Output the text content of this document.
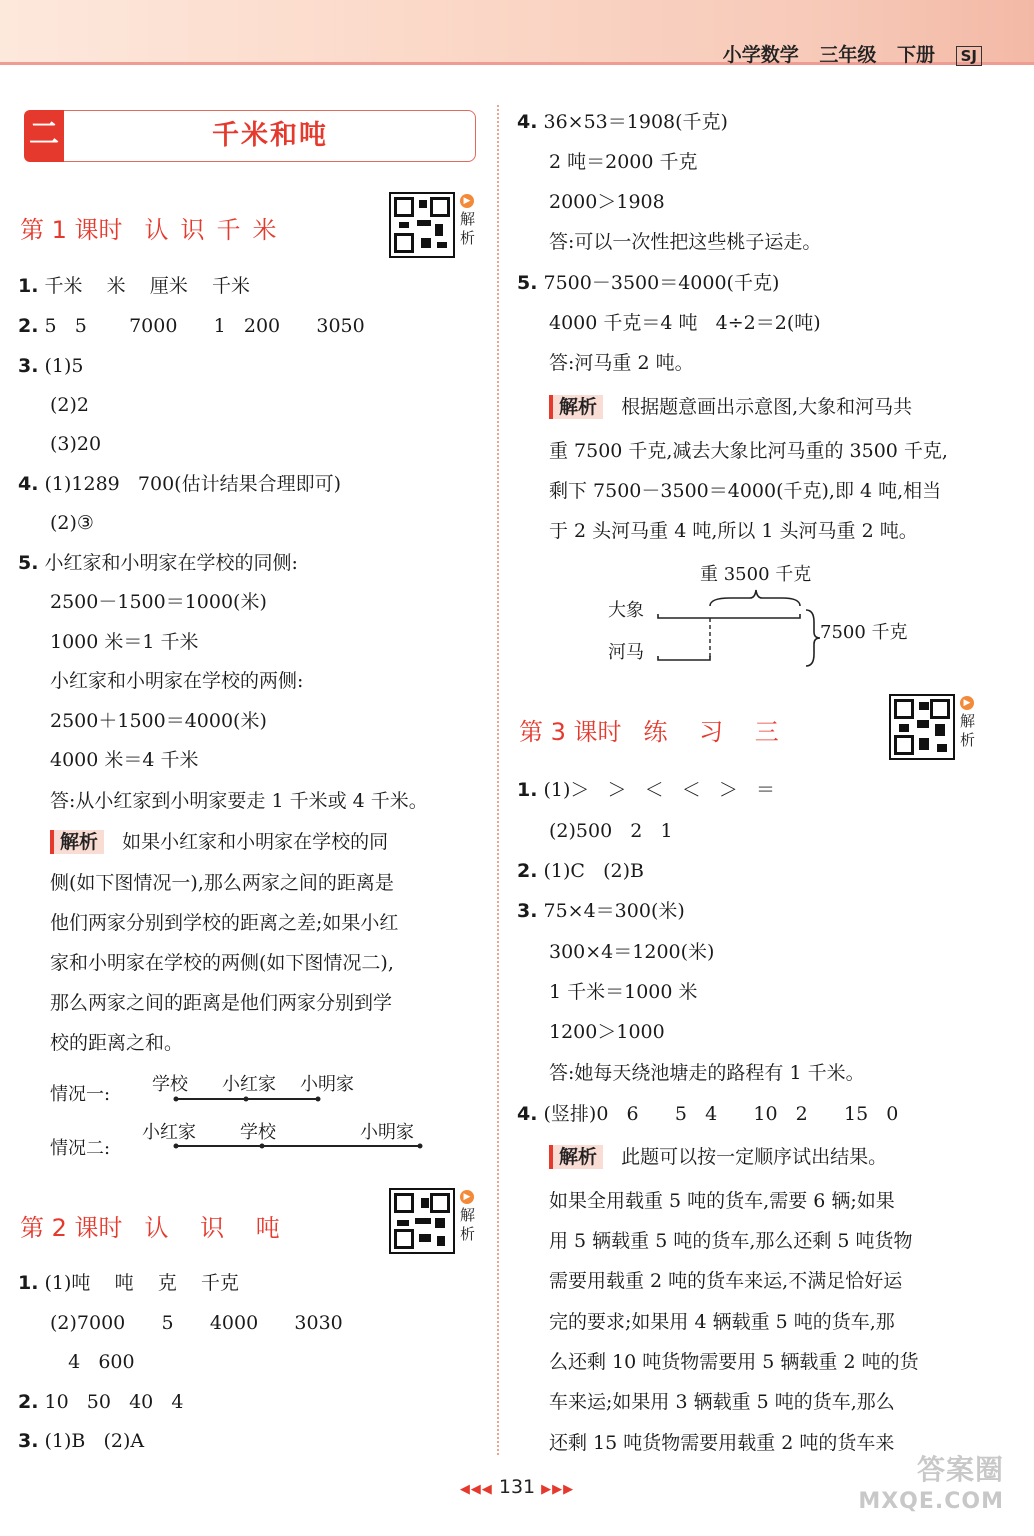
小学数学 三年级 下册 SJ
二	千米和吨
第 1 课时 认识千米
▶
解析
1. 千米    米    厘米    千米
2. 5   5       7000      1   200      3050
3. (1)5
(2)2
(3)20
4. (1)1289   700(估计结果合理即可)
(2)③
5. 小红家和小明家在学校的同侧:
2500－1500＝1000(米)
1000 米＝1 千米
小红家和小明家在学校的两侧:
2500＋1500＝4000(米)
4000 米＝4 千米
答:从小红家到小明家要走 1 千米或 4 千米。
解析 如果小红家和小明家在学校的同
侧(如下图情况一),那么两家之间的距离是
他们两家分别到学校的距离之差;如果小红
家和小明家在学校的两侧(如下图情况二),
那么两家之间的距离是他们两家分别到学
校的距离之和。
情况一: 学校 小红家 小明家
情况二:
小红家 学校	小明家
第 2 课时 认 识 吨
▶
解析
1. (1)吨    吨    克    千克
(2)7000      5      4000      3030
4   600
2. 10   50   40   4
3. (1)B   (2)A
4. 36×53＝1908(千克)
2 吨＝2000 千克
2000＞1908
答:可以一次性把这些桃子运走。
5. 7500－3500＝4000(千克)
4000 千克＝4 吨   4÷2＝2(吨)
答:河马重 2 吨。
解析 根据题意画出示意图,大象和河马共
重 7500 千克,减去大象比河马重的 3500 千克,
剩下 7500－3500＝4000(千克),即 4 吨,相当
于 2 头河马重 4 吨,所以 1 头河马重 2 吨。
重 3500 千克
大象
河马
7500 千克
第 3 课时 练 习 三
▶
解析
1. (1)＞   ＞   ＜   ＜   ＞   ＝
(2)500   2   1
2. (1)C   (2)B
3. 75×4＝300(米)
300×4＝1200(米)
1 千米＝1000 米
1200＞1000
答:她每天绕池塘走的路程有 1 千米。
4. (竖排)0   6      5   4      10   2      15   0
解析 此题可以按一定顺序试出结果。
如果全用载重 5 吨的货车,需要 6 辆;如果
用 5 辆载重 5 吨的货车,那么还剩 5 吨货物
需要用载重 2 吨的货车来运,不满足恰好运
完的要求;如果用 4 辆载重 5 吨的货车,那
么还剩 10 吨货物需要用 5 辆载重 2 吨的货
车来运;如果用 3 辆载重 5 吨的货车,那么
还剩 15 吨货物需要用载重 2 吨的货车来
◀◀◀ 131 ▶▶▶
答案圈
MXQE.COM
